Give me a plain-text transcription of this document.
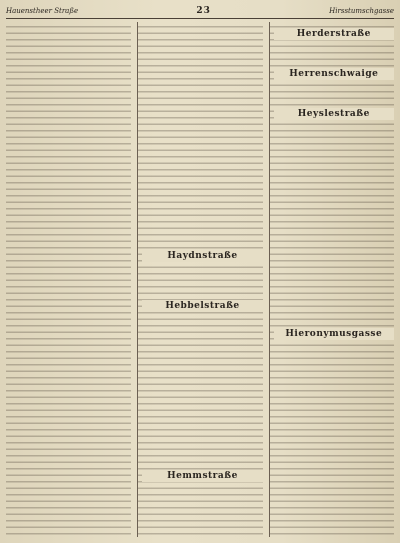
Hauenstheer Straße	23	Hirsstumschgasse
Haydnstraße
Hebbelstraße
Hemmstraße
Herderstraße
Herrenschwaige
Heyslestraße
Hieronymusgasse
